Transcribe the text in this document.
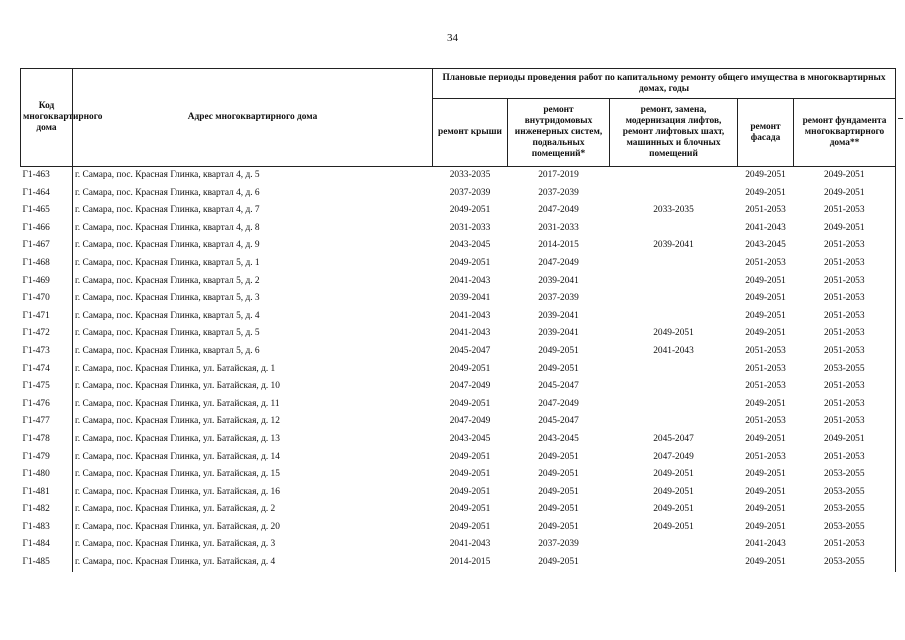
34
Код многоквартирного дома	Адрес многоквартирного дома	Плановые периоды проведения работ по капитальному ремонту общего имущества в многоквартирных домах, годы				
		ремонт крыши	ремонт внутридомовых инженерных систем, подвальных помещений*	ремонт, замена, модернизация лифтов, ремонт лифтовых шахт, машинных и блочных помещений	ремонт фасада	ремонт фундамента многоквартирного дома**
Г1-463	г. Самара, пос. Красная Глинка, квартал 4, д. 5	2033-2035	2017-2019		2049-2051	2049-2051
Г1-464	г. Самара, пос. Красная Глинка, квартал 4, д. 6	2037-2039	2037-2039		2049-2051	2049-2051
Г1-465	г. Самара, пос. Красная Глинка, квартал 4, д. 7	2049-2051	2047-2049	2033-2035	2051-2053	2051-2053
Г1-466	г. Самара, пос. Красная Глинка, квартал 4, д. 8	2031-2033	2031-2033		2041-2043	2049-2051
Г1-467	г. Самара, пос. Красная Глинка, квартал 4, д. 9	2043-2045	2014-2015	2039-2041	2043-2045	2051-2053
Г1-468	г. Самара, пос. Красная Глинка, квартал 5, д. 1	2049-2051	2047-2049		2051-2053	2051-2053
Г1-469	г. Самара, пос. Красная Глинка, квартал 5, д. 2	2041-2043	2039-2041		2049-2051	2051-2053
Г1-470	г. Самара, пос. Красная Глинка, квартал 5, д. 3	2039-2041	2037-2039		2049-2051	2051-2053
Г1-471	г. Самара, пос. Красная Глинка, квартал 5, д. 4	2041-2043	2039-2041		2049-2051	2051-2053
Г1-472	г. Самара, пос. Красная Глинка, квартал 5, д. 5	2041-2043	2039-2041	2049-2051	2049-2051	2051-2053
Г1-473	г. Самара, пос. Красная Глинка, квартал 5, д. 6	2045-2047	2049-2051	2041-2043	2051-2053	2051-2053
Г1-474	г. Самара, пос. Красная Глинка, ул. Батайская, д. 1	2049-2051	2049-2051		2051-2053	2053-2055
Г1-475	г. Самара, пос. Красная Глинка, ул. Батайская, д. 10	2047-2049	2045-2047		2051-2053	2051-2053
Г1-476	г. Самара, пос. Красная Глинка, ул. Батайская, д. 11	2049-2051	2047-2049		2049-2051	2051-2053
Г1-477	г. Самара, пос. Красная Глинка, ул. Батайская, д. 12	2047-2049	2045-2047		2051-2053	2051-2053
Г1-478	г. Самара, пос. Красная Глинка, ул. Батайская, д. 13	2043-2045	2043-2045	2045-2047	2049-2051	2049-2051
Г1-479	г. Самара, пос. Красная Глинка, ул. Батайская, д. 14	2049-2051	2049-2051	2047-2049	2051-2053	2051-2053
Г1-480	г. Самара, пос. Красная Глинка, ул. Батайская, д. 15	2049-2051	2049-2051	2049-2051	2049-2051	2053-2055
Г1-481	г. Самара, пос. Красная Глинка, ул. Батайская, д. 16	2049-2051	2049-2051	2049-2051	2049-2051	2053-2055
Г1-482	г. Самара, пос. Красная Глинка, ул. Батайская, д. 2	2049-2051	2049-2051	2049-2051	2049-2051	2053-2055
Г1-483	г. Самара, пос. Красная Глинка, ул. Батайская, д. 20	2049-2051	2049-2051	2049-2051	2049-2051	2053-2055
Г1-484	г. Самара, пос. Красная Глинка, ул. Батайская, д. 3	2041-2043	2037-2039		2041-2043	2051-2053
Г1-485	г. Самара, пос. Красная Глинка, ул. Батайская, д. 4	2014-2015	2049-2051		2049-2051	2053-2055
